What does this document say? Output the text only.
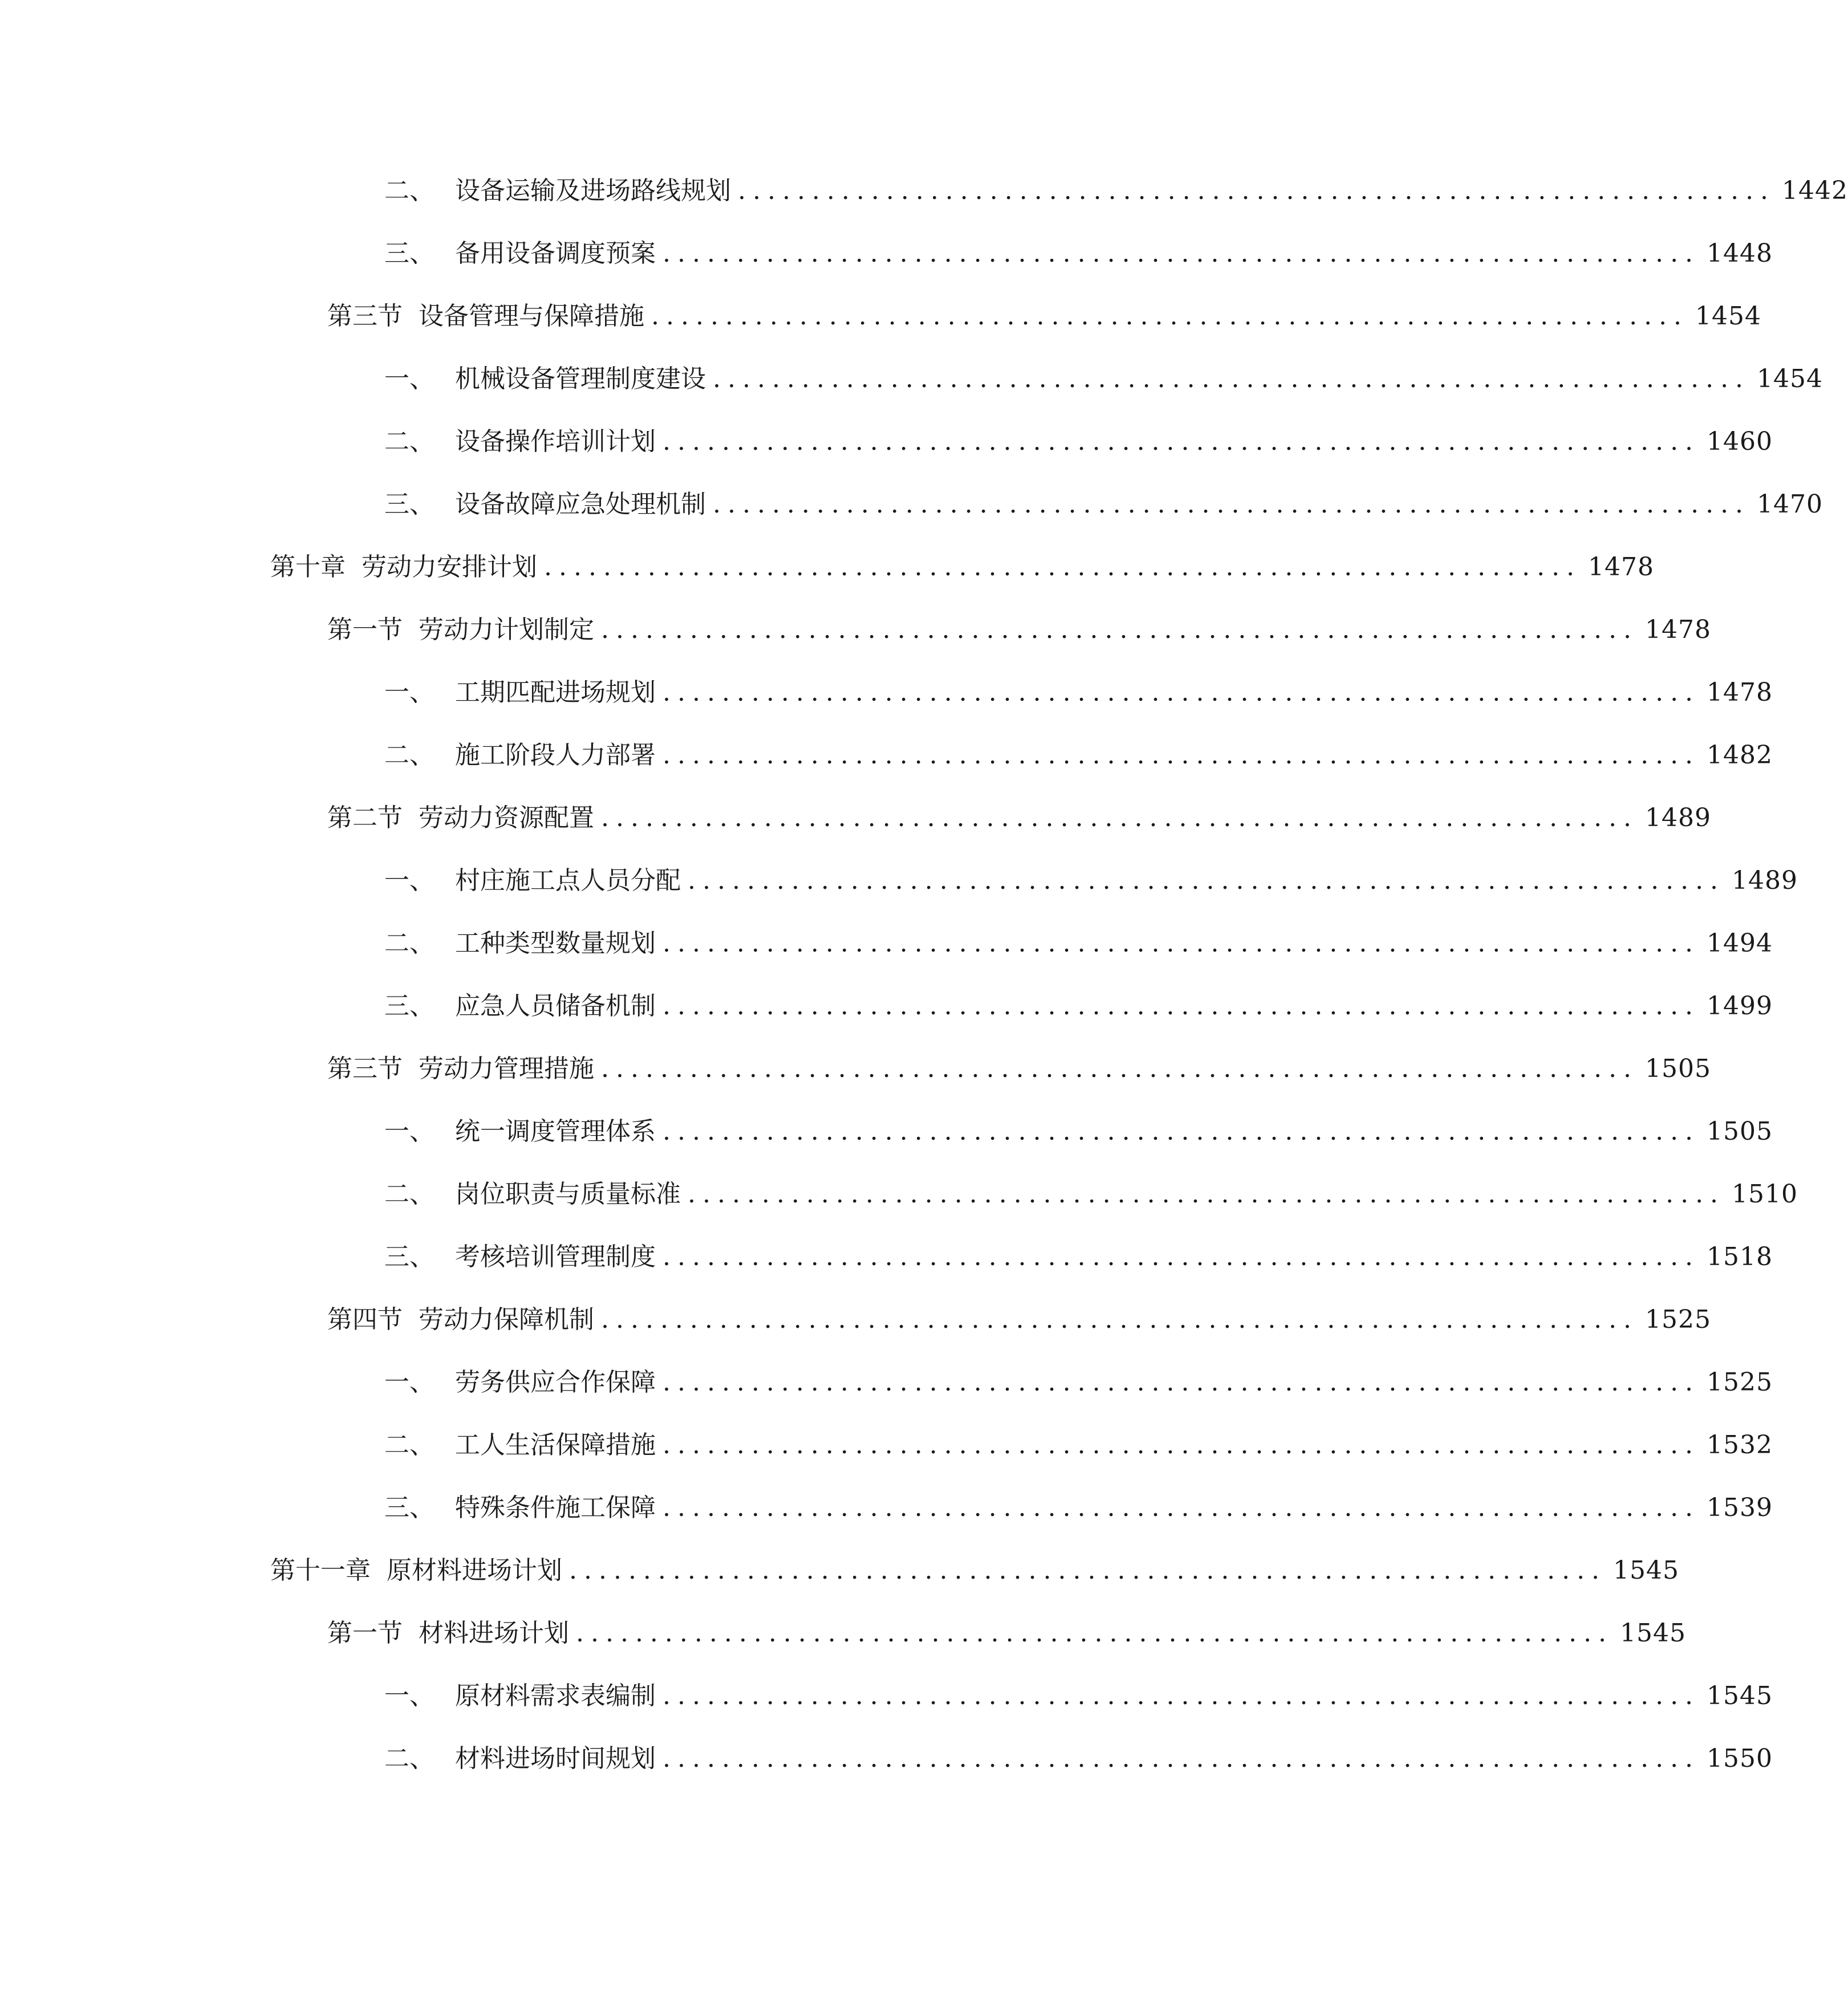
二、 设备运输及进场路线规划 ...................................................................... 1442
三、 备用设备调度预案 ...................................................................... 1448
第三节 设备管理与保障措施 ...................................................................... 1454
一、 机械设备管理制度建设 ...................................................................... 1454
二、 设备操作培训计划 ...................................................................... 1460
三、 设备故障应急处理机制 ...................................................................... 1470
第十章 劳动力安排计划 ...................................................................... 1478
第一节 劳动力计划制定 ...................................................................... 1478
一、 工期匹配进场规划 ...................................................................... 1478
二、 施工阶段人力部署 ...................................................................... 1482
第二节 劳动力资源配置 ...................................................................... 1489
一、 村庄施工点人员分配 ...................................................................... 1489
二、 工种类型数量规划 ...................................................................... 1494
三、 应急人员储备机制 ...................................................................... 1499
第三节 劳动力管理措施 ...................................................................... 1505
一、 统一调度管理体系 ...................................................................... 1505
二、 岗位职责与质量标准 ...................................................................... 1510
三、 考核培训管理制度 ...................................................................... 1518
第四节 劳动力保障机制 ...................................................................... 1525
一、 劳务供应合作保障 ...................................................................... 1525
二、 工人生活保障措施 ...................................................................... 1532
三、 特殊条件施工保障 ...................................................................... 1539
第十一章 原材料进场计划 ...................................................................... 1545
第一节 材料进场计划 ...................................................................... 1545
一、 原材料需求表编制 ...................................................................... 1545
二、 材料进场时间规划 ...................................................................... 1550
